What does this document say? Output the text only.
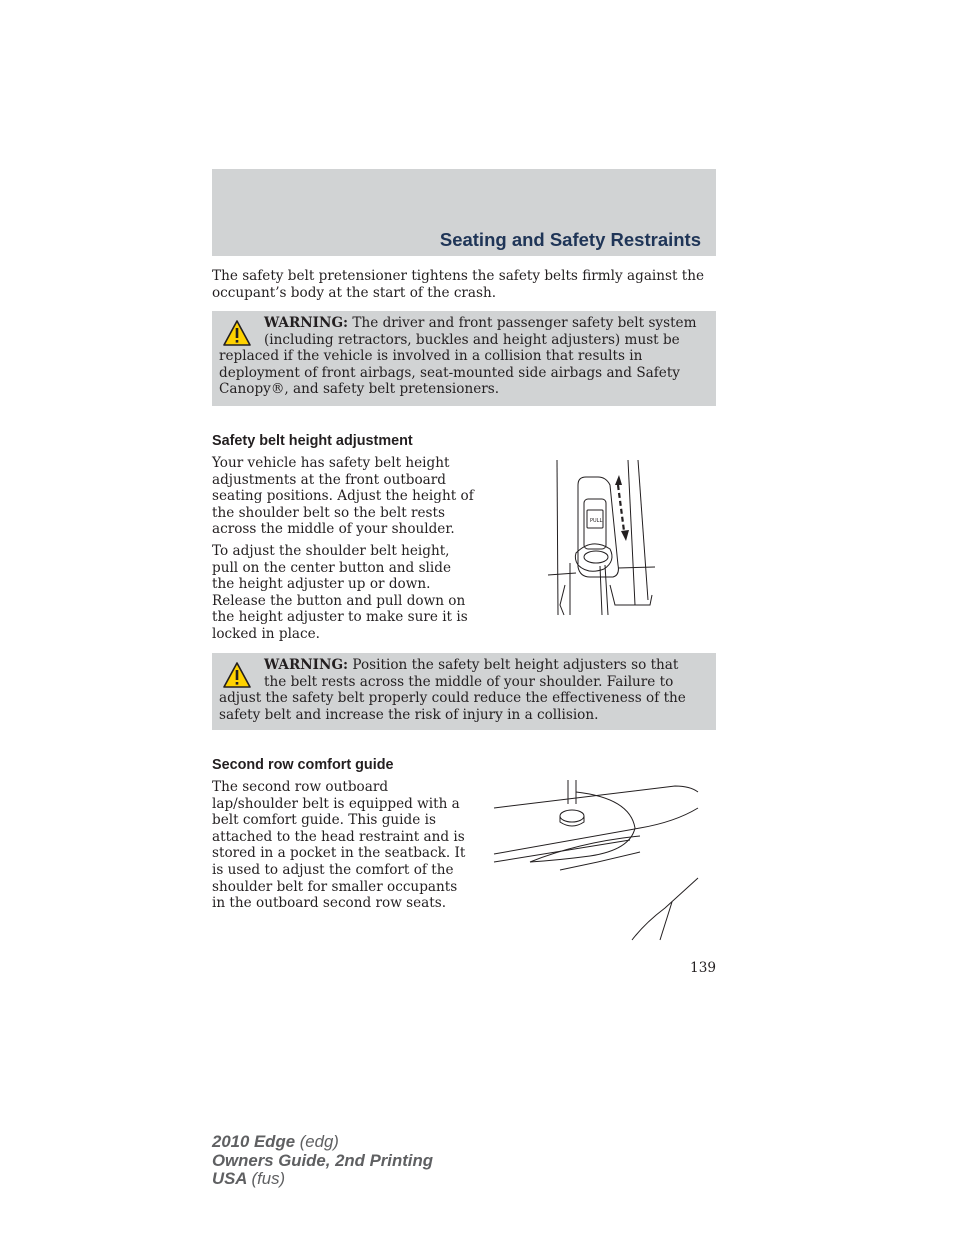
Seating and Safety Restraints

The safety belt pretensioner tightens the safety belts firmly against the occupant’s body at the start of the crash.

WARNING: The driver and front passenger safety belt system (including retractors, buckles and height adjusters) must be replaced if the vehicle is involved in a collision that results in deployment of front airbags, seat-mounted side airbags and Safety Canopy®, and safety belt pretensioners.
Safety belt height adjustment

Your vehicle has safety belt height adjustments at the front outboard seating positions. Adjust the height of the shoulder belt so the belt rests across the middle of your shoulder.

To adjust the shoulder belt height, pull on the center button and slide the height adjuster up or down. Release the button and pull down on the height adjuster to make sure it is locked in place.

PULL
WARNING: Position the safety belt height adjusters so that the belt rests across the middle of your shoulder. Failure to adjust the safety belt properly could reduce the effectiveness of the safety belt and increase the risk of injury in a collision.
Second row comfort guide

The second row outboard lap/shoulder belt is equipped with a belt comfort guide. This guide is attached to the head restraint and is stored in a pocket in the seatback. It is used to adjust the comfort of the shoulder belt for smaller occupants in the outboard second row seats.

139
2010 Edge (edg)
Owners Guide, 2nd Printing
USA (fus)
